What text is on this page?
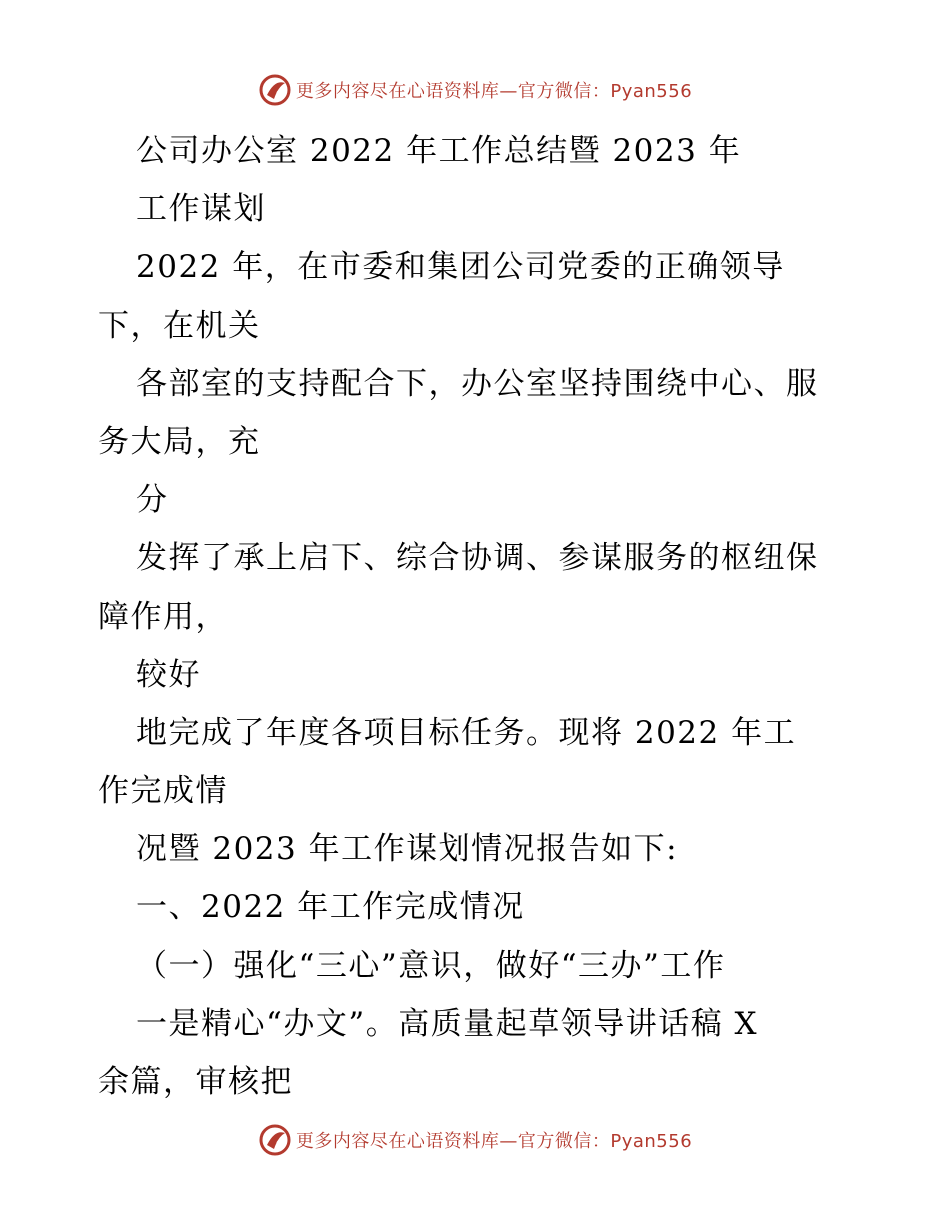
更多内容尽在心语资料库—官方微信：Pyan556
公司办公室 2022 年工作总结暨 2023 年
工作谋划
2022 年，在市委和集团公司党委的正确领导
下，在机关
各部室的支持配合下，办公室坚持围绕中心、服
务大局，充
分
发挥了承上启下、综合协调、参谋服务的枢纽保
障作用，
较好
地完成了年度各项目标任务。现将 2022 年工
作完成情
况暨 2023 年工作谋划情况报告如下:
一、2022 年工作完成情况
（一）强化“三心”意识，做好“三办”工作
一是精心“办文”。高质量起草领导讲话稿 X
余篇，审核把
更多内容尽在心语资料库—官方微信：Pyan556
